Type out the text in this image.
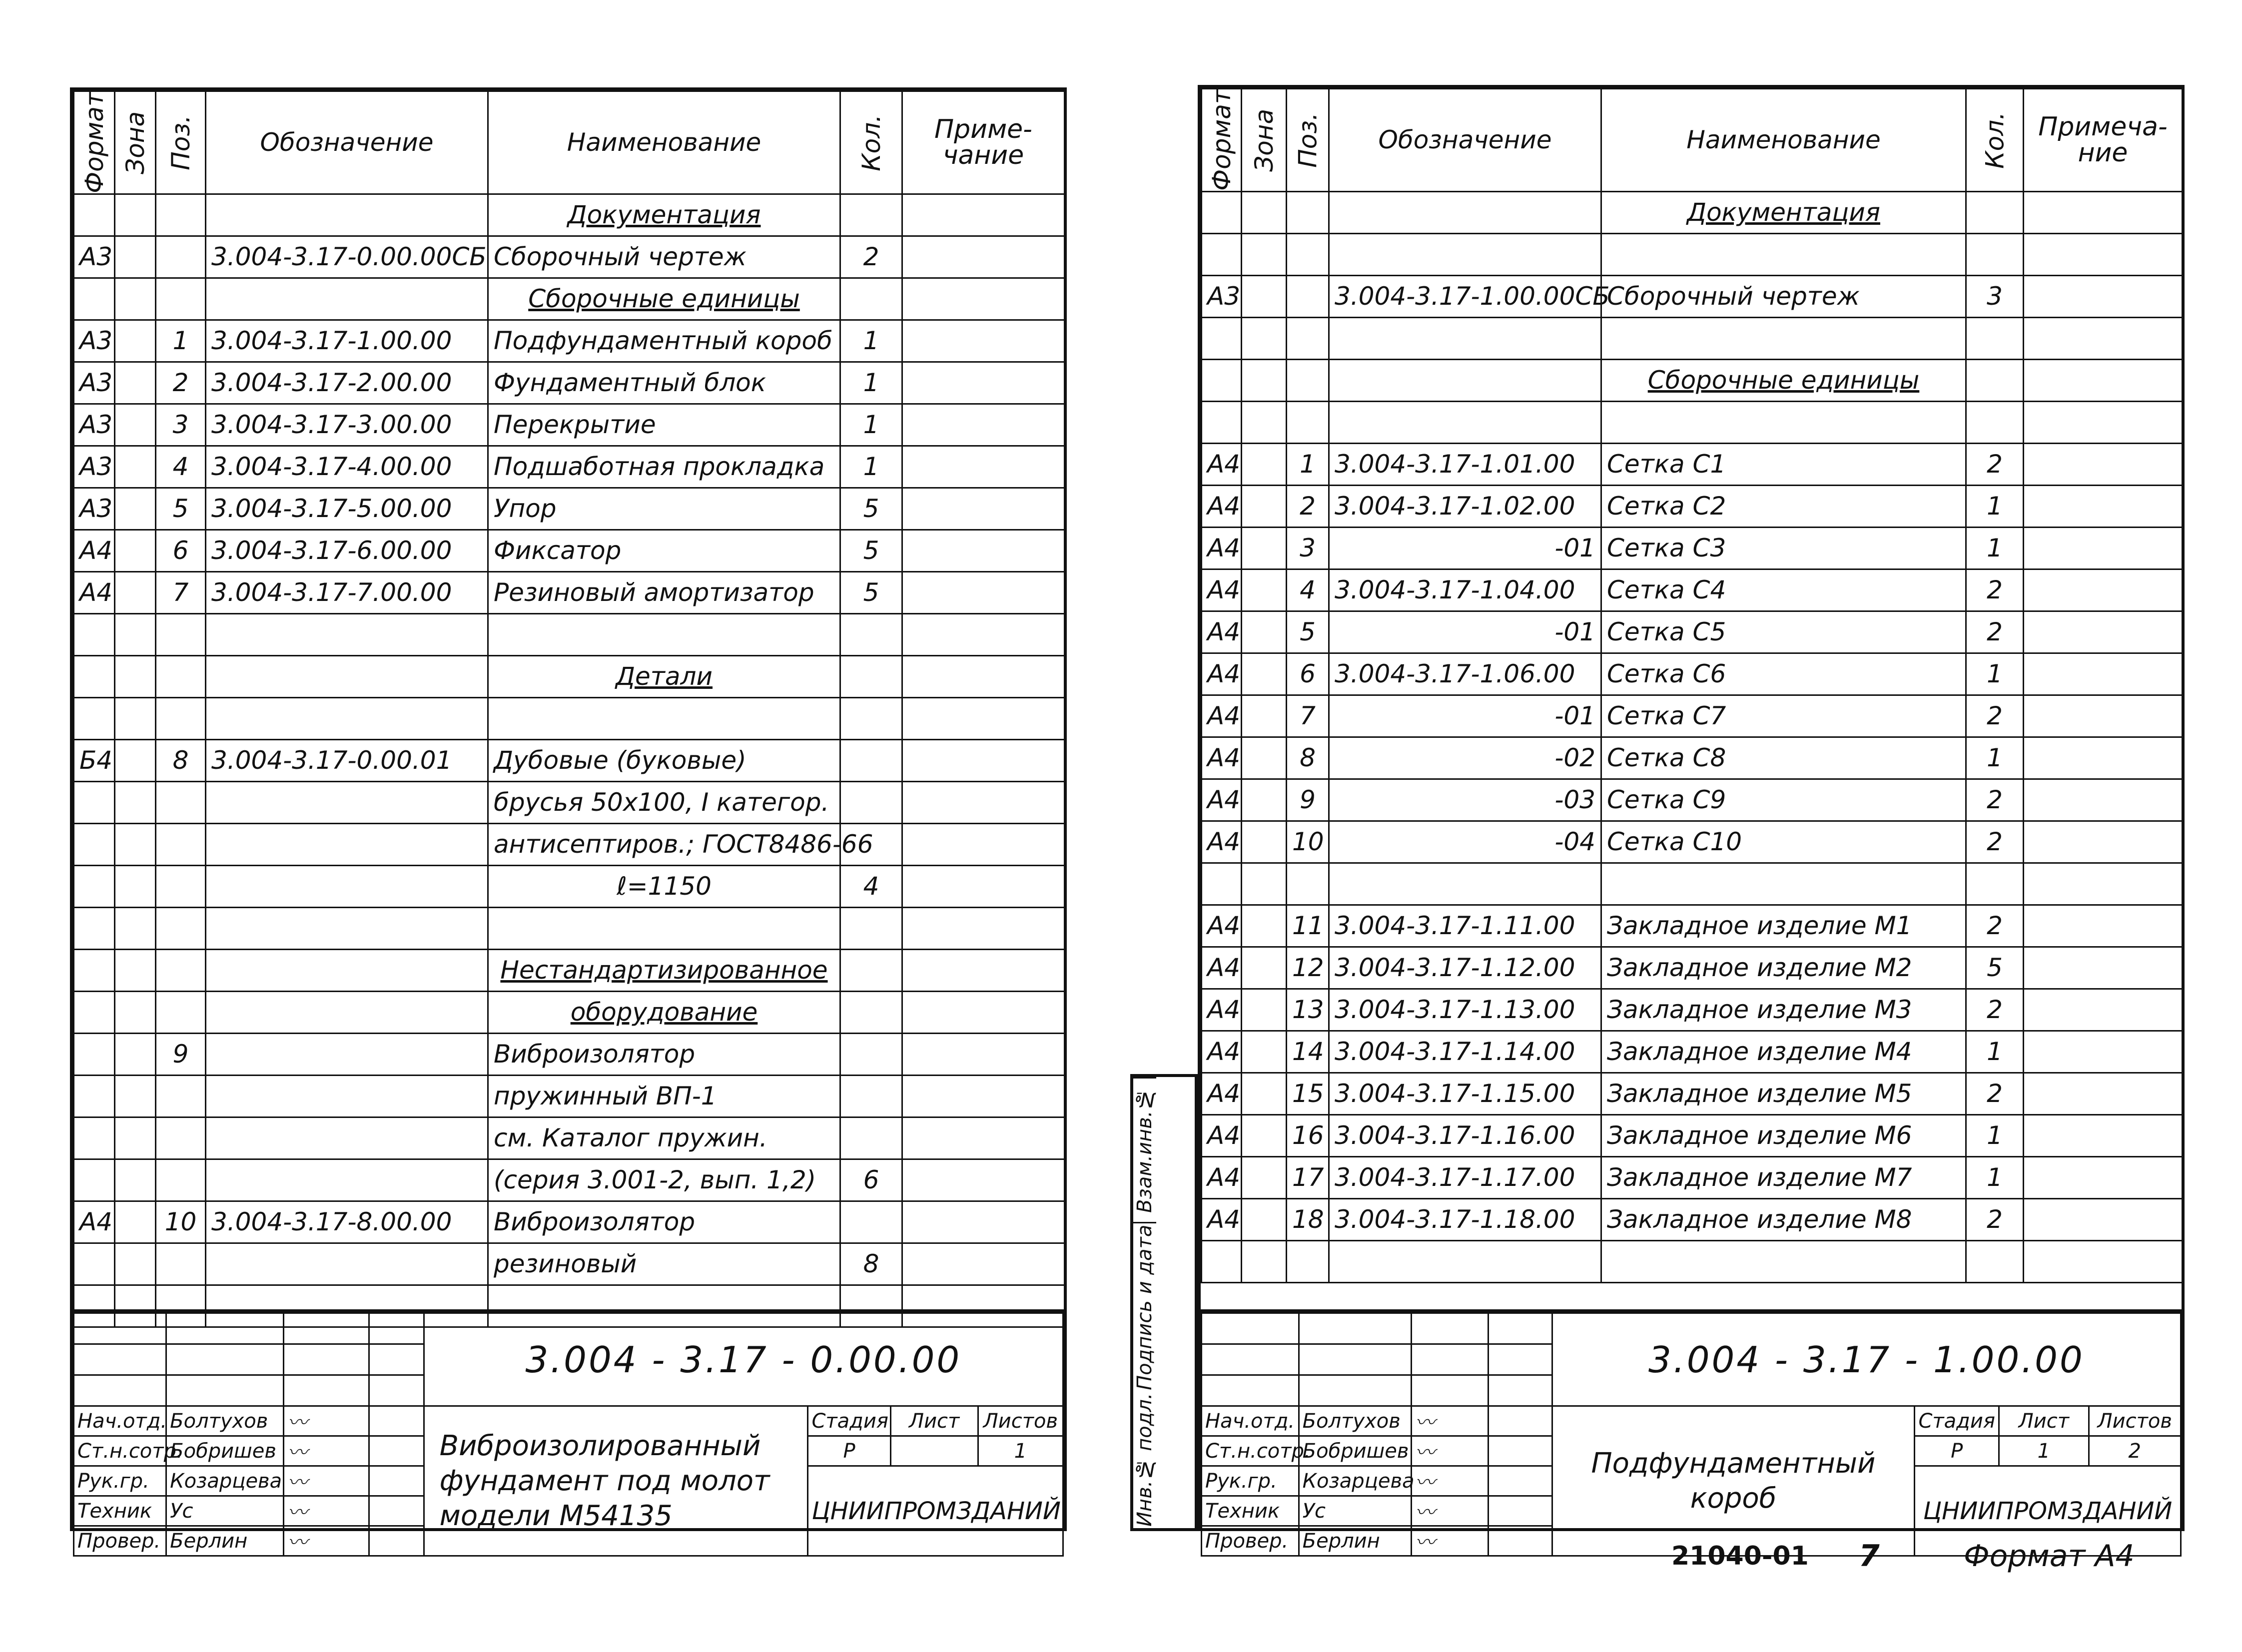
Формат	Зона	Поз.	Обозначение	Наименование	Кол.	Приме-
чание
				Документация		
А3			3.004-3.17-0.00.00СБ	Сборочный чертеж	2	
				Сборочные единицы		
А3		1	3.004-3.17-1.00.00	Подфундаментный короб	1	
А3		2	3.004-3.17-2.00.00	Фундаментный блок	1	
А3		3	3.004-3.17-3.00.00	Перекрытие	1	
А3		4	3.004-3.17-4.00.00	Подшаботная прокладка	1	
А3		5	3.004-3.17-5.00.00	Упор	5	
А4		6	3.004-3.17-6.00.00	Фиксатор	5	
А4		7	3.004-3.17-7.00.00	Резиновый амортизатор	5	

				Детали		

Б4		8	3.004-3.17-0.00.01	Дубовые (буковые)		
				брусья 50х100, I категор.		
				антисептиров.; ГОСТ8486-66		
				ℓ=1150	4	

				Нестандартизированное		
				оборудование		
		9		Виброизолятор		
				пружинный ВП-1		
				см. Каталог пружин.		
				(серия 3.001-2, вып. 1,2)	6	
А4		10	3.004-3.17-8.00.00	Виброизолятор		
				резиновый	8	

				3.004 - 3.17 - 0.00.00			

Нач.отд.	Болтухов	〰		Виброизолированный фундамент под молот модели М54135	Стадия	Лист	Листов
Ст.н.сотр.	Бобришев	〰			Р		1
Рук.гр.	Козарцева	〰			ЦНИИПРОМЗДАНИЙ		
Техник	Ус	〰					
Провер.	Берлин	〰					
Взам.инв.№
Подпись и дата
Инв.№ подл.
Формат	Зона	Поз.	Обозначение	Наименование	Кол.	Примеча-
ние
				Документация		

А3			3.004-3.17-1.00.00СБ	Сборочный чертеж	3	

				Сборочные единицы		

А4		1	3.004-3.17-1.01.00	Сетка С1	2	
А4		2	3.004-3.17-1.02.00	Сетка С2	1	
А4		3	-01	Сетка С3	1	
А4		4	3.004-3.17-1.04.00	Сетка С4	2	
А4		5	-01	Сетка С5	2	
А4		6	3.004-3.17-1.06.00	Сетка С6	1	
А4		7	-01	Сетка С7	2	
А4		8	-02	Сетка С8	1	
А4		9	-03	Сетка С9	2	
А4		10	-04	Сетка С10	2	

А4		11	3.004-3.17-1.11.00	Закладное изделие М1	2	
А4		12	3.004-3.17-1.12.00	Закладное изделие М2	5	
А4		13	3.004-3.17-1.13.00	Закладное изделие М3	2	
А4		14	3.004-3.17-1.14.00	Закладное изделие М4	1	
А4		15	3.004-3.17-1.15.00	Закладное изделие М5	2	
А4		16	3.004-3.17-1.16.00	Закладное изделие М6	1	
А4		17	3.004-3.17-1.17.00	Закладное изделие М7	1	
А4		18	3.004-3.17-1.18.00	Закладное изделие М8	2	

				3.004 - 3.17 - 1.00.00			

Нач.отд.	Болтухов	〰		Подфундаментный короб	Стадия	Лист	Листов
Ст.н.сотр.	Бобришев	〰			Р	1	2
Рук.гр.	Козарцева	〰			ЦНИИПРОМЗДАНИЙ		
Техник	Ус	〰					
Провер.	Берлин	〰						21040-01 7	Формат А4
